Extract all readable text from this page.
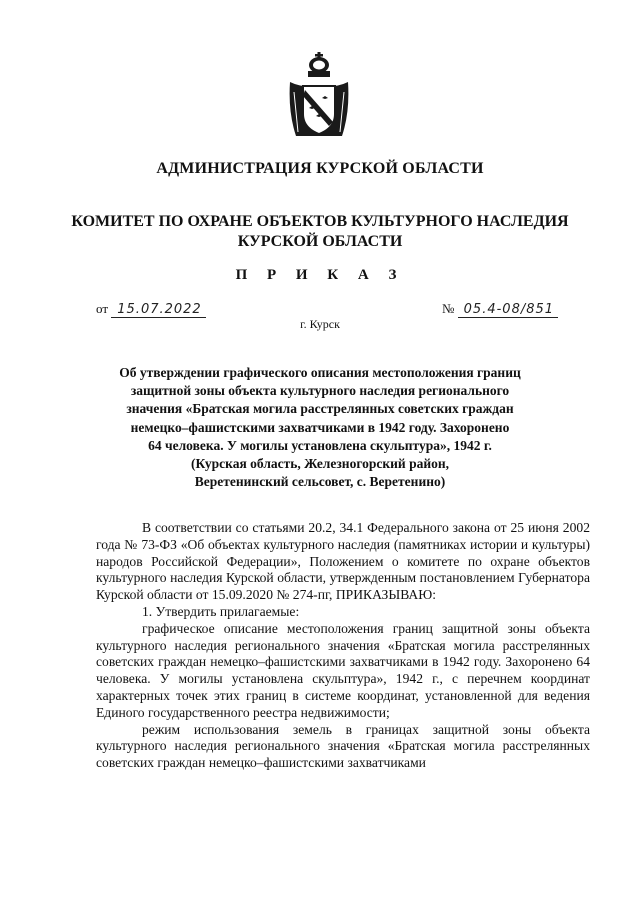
АДМИНИСТРАЦИЯ КУРСКОЙ ОБЛАСТИ
КОМИТЕТ ПО ОХРАНЕ ОБЪЕКТОВ КУЛЬТУРНОГО НАСЛЕДИЯ
КУРСКОЙ ОБЛАСТИ
П Р И К А З
от 15.07.2022	№ 05.4-08/851
г. Курск
Об утверждении графического описания местоположения границ
защитной зоны объекта культурного наследия регионального
значения «Братская могила расстрелянных советских граждан
немецко–фашистскими захватчиками в 1942 году. Захоронено
64 человека. У могилы установлена скульптура», 1942 г.
(Курская область, Железногорский район,
Веретенинский сельсовет, с. Веретенино)

В соответствии со статьями 20.2, 34.1 Федерального закона от 25 июня 2002 года № 73-ФЗ «Об объектах культурного наследия (памятниках истории и культуры) народов Российской Федерации», Положением о комитете по охране объектов культурного наследия Курской области, утвержденным постановлением Губернатора Курской области от 15.09.2020 № 274-пг, ПРИКАЗЫВАЮ:

1. Утвердить прилагаемые:

графическое описание местоположения границ защитной зоны объекта культурного наследия регионального значения «Братская могила расстрелянных советских граждан немецко–фашистскими захватчиками в 1942 году. Захоронено 64 человека. У могилы установлена скульптура», 1942 г., с перечнем координат характерных точек этих границ в системе координат, установленной для ведения Единого государственного реестра недвижимости;

режим использования земель в границах защитной зоны объекта культурного наследия регионального значения «Братская могила расстрелянных советских граждан немецко–фашистскими захватчиками
